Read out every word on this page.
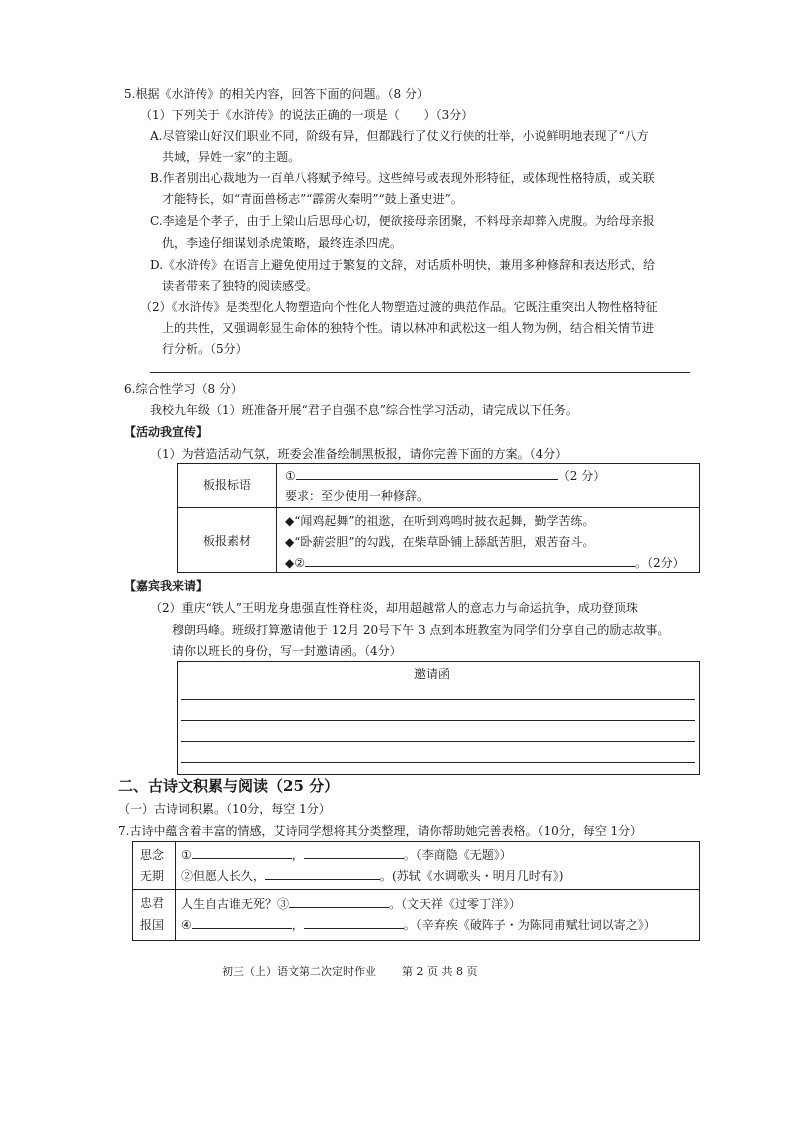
5.根据《水浒传》的相关内容，回答下面的问题。（8 分）
（1）下列关于《水浒传》的说法正确的一项是（　　）（3分）
A.尽管梁山好汉们职业不同，阶级有异，但都践行了仗义行侠的壮举，小说鲜明地表现了“八方
共域，异姓一家”的主题。
B.作者别出心裁地为一百单八将赋予绰号。这些绰号或表现外形特征，或体现性格特质，或关联
才能特长，如“青面兽杨志”“霹雳火秦明”“鼓上蚤史进”。
C.李逵是个孝子，由于上梁山后思母心切，便欲接母亲团聚，不料母亲却葬入虎腹。为给母亲报
仇，李逵仔细谋划杀虎策略，最终连杀四虎。
D.《水浒传》在语言上避免使用过于繁复的文辞，对话质朴明快，兼用多种修辞和表达形式，给
读者带来了独特的阅读感受。
（2）《水浒传》是类型化人物塑造向个性化人物塑造过渡的典范作品。它既注重突出人物性格特征
上的共性，又强调彰显生命体的独特个性。请以林冲和武松这一组人物为例，结合相关情节进
行分析。（5分）
6.综合性学习（8 分）
我校九年级（1）班准备开展“君子自强不息”综合性学习活动，请完成以下任务。
【活动我宣传】
（1）为营造活动气氛，班委会准备绘制黑板报，请你完善下面的方案。（4分）
板报标语
①	（2 分）
要求：至少使用一种修辞。
板报素材
◆“闻鸡起舞”的祖逖，在听到鸡鸣时披衣起舞，勤学苦练。
◆“卧薪尝胆”的勾践，在柴草卧铺上舔舐苦胆，艰苦奋斗。
◆②	。（2分）
【嘉宾我来请】
（2）重庆“铁人”王明龙身患强直性脊柱炎，却用超越常人的意志力与命运抗争，成功登顶珠
穆朗玛峰。班级打算邀请他于 12月 20号下午 3 点到本班教室为同学们分享自己的励志故事。
请你以班长的身份，写一封邀请函。（4分）
邀请函
二、古诗文积累与阅读（25 分）
（一）古诗词积累。（10分，每空 1分）
7.古诗中蕴含着丰富的情感，艾诗同学想将其分类整理，请你帮助她完善表格。（10分，每空 1分）
思念
无期
①	，	。（李商隐《无题》）
②但愿人长久，	。(苏轼《水调歌头・明月几时有》)
忠君
报国
人生自古谁无死？③	。（文天祥《过零丁洋》）
④	，	。（辛弃疾《破阵子・为陈同甫赋壮词以寄之》）
初三（上）语文第二次定时作业 第 2 页 共 8 页
